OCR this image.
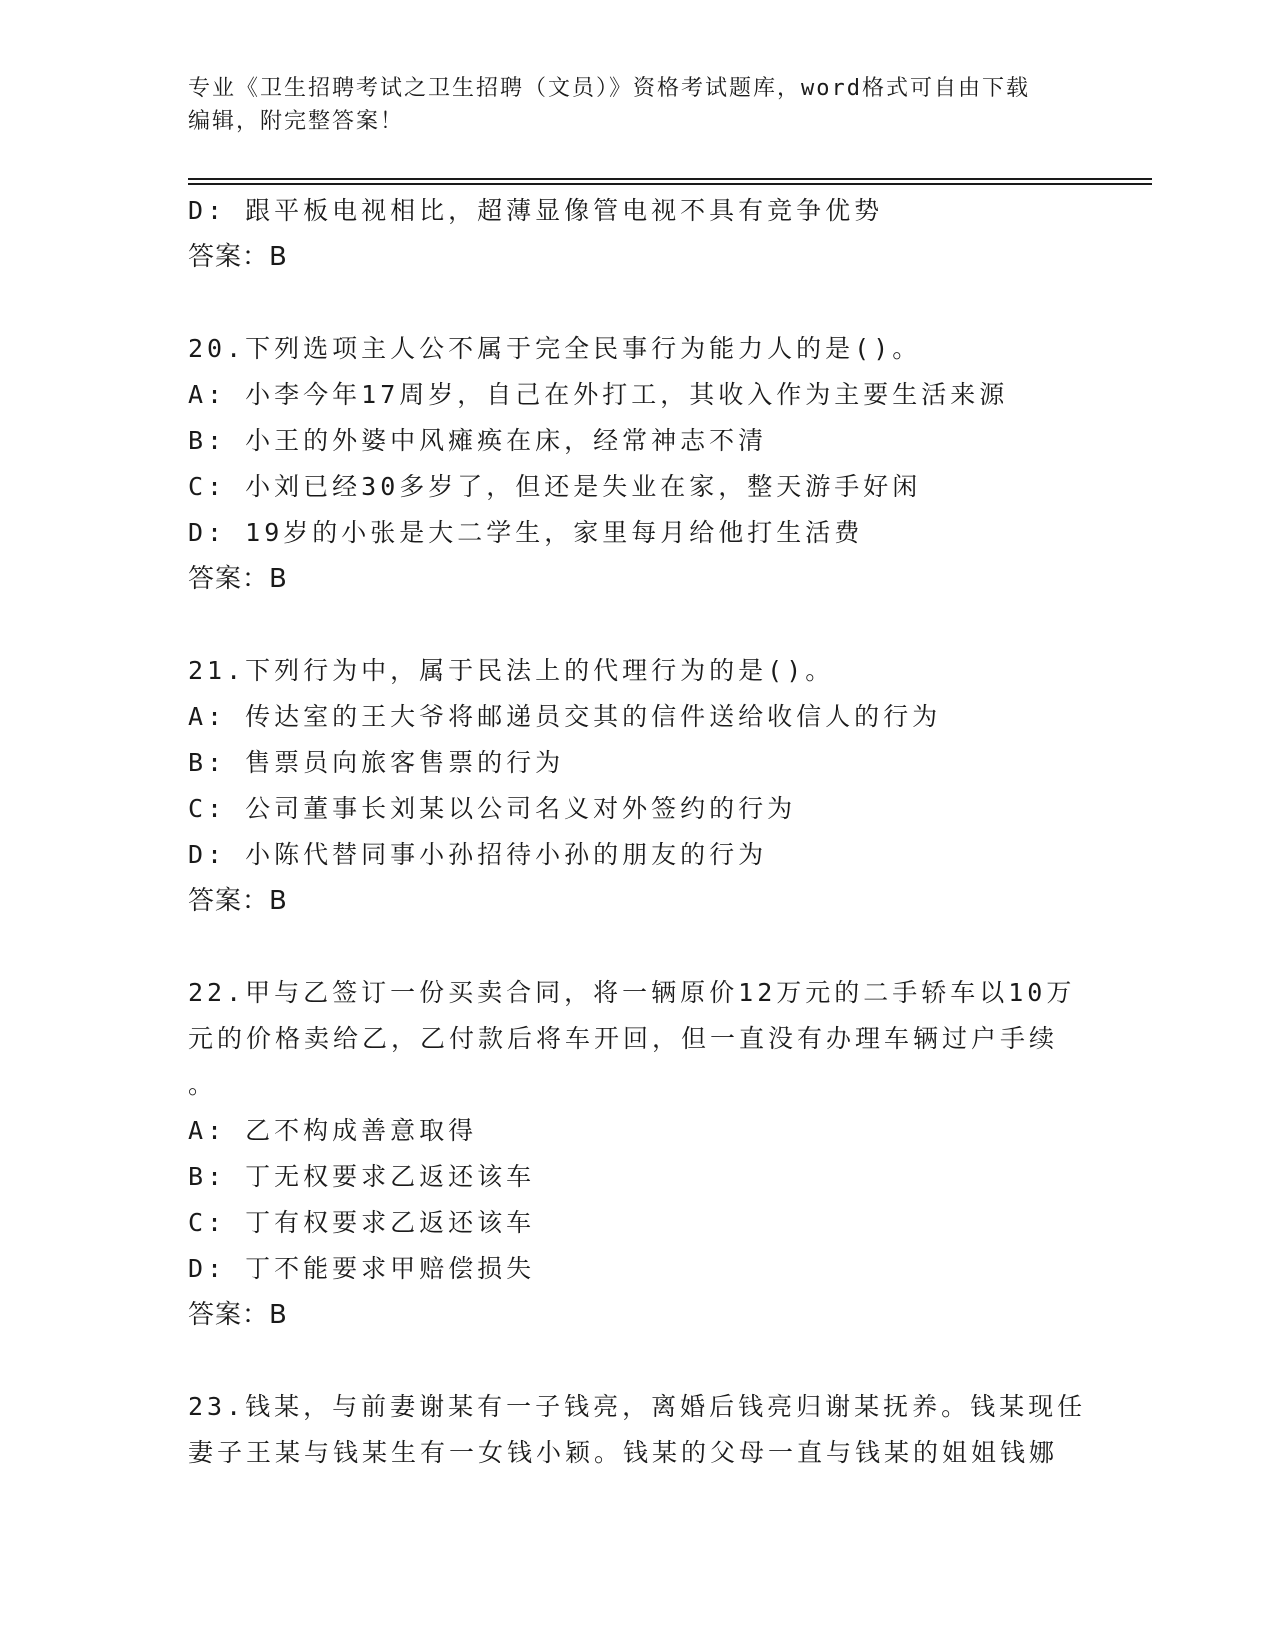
专业《卫生招聘考试之卫生招聘（文员）》资格考试题库，word格式可自由下载
编辑，附完整答案！
D: 跟平板电视相比，超薄显像管电视不具有竞争优势
答案：B
20.下列选项主人公不属于完全民事行为能力人的是()。
A: 小李今年17周岁，自己在外打工，其收入作为主要生活来源
B: 小王的外婆中风瘫痪在床，经常神志不清
C: 小刘已经30多岁了，但还是失业在家，整天游手好闲
D: 19岁的小张是大二学生，家里每月给他打生活费
答案：B
21.下列行为中，属于民法上的代理行为的是()。
A: 传达室的王大爷将邮递员交其的信件送给收信人的行为
B: 售票员向旅客售票的行为
C: 公司董事长刘某以公司名义对外签约的行为
D: 小陈代替同事小孙招待小孙的朋友的行为
答案：B
22.甲与乙签订一份买卖合同，将一辆原价12万元的二手轿车以10万
元的价格卖给乙，乙付款后将车开回，但一直没有办理车辆过户手续
。
A: 乙不构成善意取得
B: 丁无权要求乙返还该车
C: 丁有权要求乙返还该车
D: 丁不能要求甲赔偿损失
答案：B
23.钱某，与前妻谢某有一子钱亮，离婚后钱亮归谢某抚养。钱某现任
妻子王某与钱某生有一女钱小颖。钱某的父母一直与钱某的姐姐钱娜
